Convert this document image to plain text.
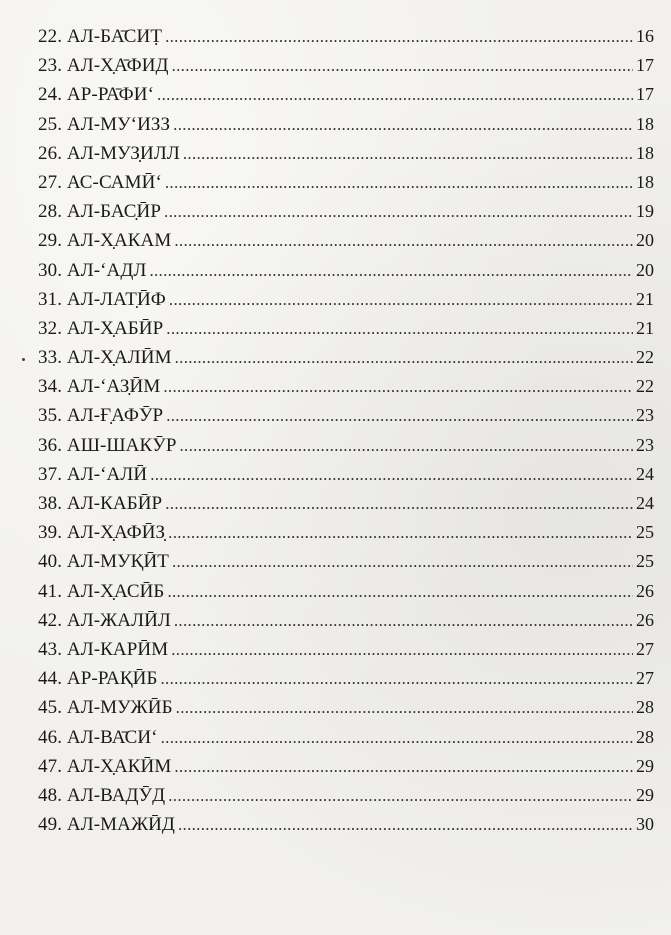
22. АЛ-БА̄СИṬ .....	16
23. АЛ-Х̣А̄ФИД .....	17
24. АР-РА̄ФИ‘ .....	17
25. АЛ-МУ‘ИЗЗ .....	18
26. АЛ-МУЗ̣ИЛЛ .....	18
27. АС-САМӢ‘ .....	18
28. АЛ-БАС̣ӢР .....	19
29. АЛ-Х̣АКАМ .....	20
30. АЛ-‘АДЛ .....	20
31. АЛ-ЛАТ̣ӢФ .....	21
32. АЛ-Х̣АБӢР .....	21
33. АЛ-Х̣АЛӢМ .....	22
34. АЛ-‘АЗ̣ӢМ .....	22
35. АЛ-Ғ̣АФӮР .....	23
36. АШ-ШАКӮР .....	23
37. АЛ-‘АЛӢ .....	24
38. АЛ-КАБӢР .....	24
39. АЛ-Х̣АФӢЗ̣ .....	25
40. АЛ-МУҚӢТ .....	25
41. АЛ-Х̣АСӢБ .....	26
42. АЛ-ЖАЛӢЛ .....	26
43. АЛ-КАРӢМ .....	27
44. АР-РАҚӢБ .....	27
45. АЛ-МУЖӢБ .....	28
46. АЛ-ВА̄СИ‘ .....	28
47. АЛ-Х̣АКӢМ .....	29
48. АЛ-ВАДӮД .....	29
49. АЛ-МАЖӢД .....	30
